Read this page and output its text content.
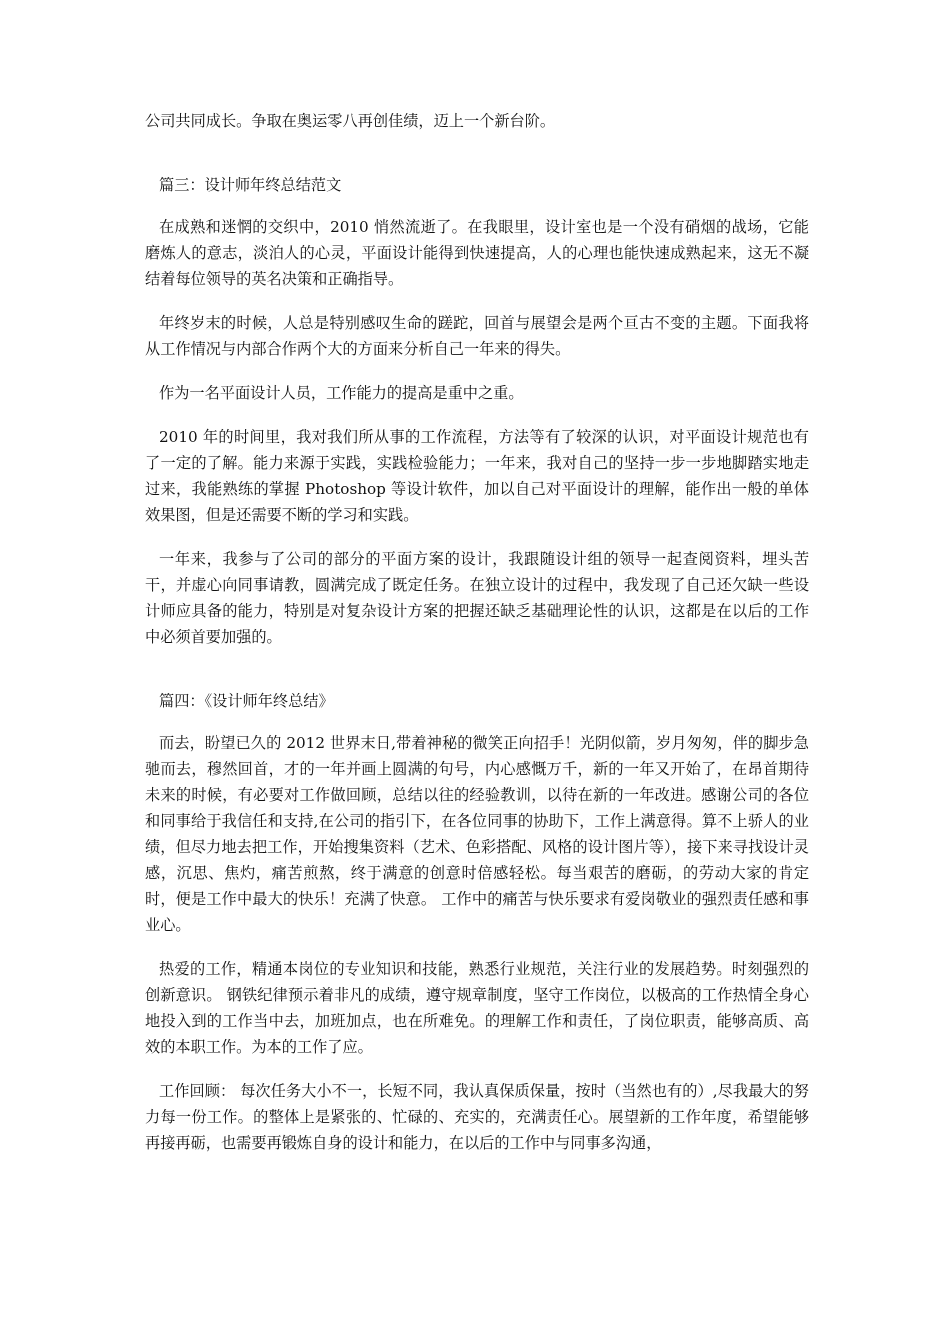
公司共同成长。争取在奥运零八再创佳绩，迈上一个新台阶。

篇三：设计师年终总结范文

在成熟和迷惘的交织中，2010 悄然流逝了。在我眼里，设计室也是一个没有硝烟的战场，它能磨炼人的意志，淡泊人的心灵，平面设计能得到快速提高，人的心理也能快速成熟起来，这无不凝结着每位领导的英名决策和正确指导。

年终岁末的时候，人总是特别感叹生命的蹉跎，回首与展望会是两个亘古不变的主题。下面我将从工作情况与内部合作两个大的方面来分析自己一年来的得失。

作为一名平面设计人员，工作能力的提高是重中之重。

2010 年的时间里，我对我们所从事的工作流程，方法等有了较深的认识，对平面设计规范也有了一定的了解。能力来源于实践，实践检验能力；一年来，我对自己的坚持一步一步地脚踏实地走过来，我能熟练的掌握 Photoshop 等设计软件，加以自己对平面设计的理解，能作出一般的单体效果图，但是还需要不断的学习和实践。

一年来，我参与了公司的部分的平面方案的设计，我跟随设计组的领导一起查阅资料，埋头苦干，并虚心向同事请教，圆满完成了既定任务。在独立设计的过程中，我发现了自己还欠缺一些设计师应具备的能力，特别是对复杂设计方案的把握还缺乏基础理论性的认识，这都是在以后的工作中必须首要加强的。

篇四：《设计师年终总结》

而去，盼望已久的 2012 世界末日,带着神秘的微笑正向招手！光阴似箭，岁月匆匆，伴的脚步急驰而去，穆然回首，才的一年并画上圆满的句号，内心感慨万千，新的一年又开始了，在昂首期待未来的时候，有必要对工作做回顾，总结以往的经验教训，以待在新的一年改进。感谢公司的各位和同事给于我信任和支持,在公司的指引下，在各位同事的协助下，工作上满意得。算不上骄人的业绩，但尽力地去把工作，开始搜集资料（艺术、色彩搭配、风格的设计图片等），接下来寻找设计灵感，沉思、焦灼，痛苦煎熬，终于满意的创意时倍感轻松。每当艰苦的磨砺，的劳动大家的肯定时，便是工作中最大的快乐！充满了快意。 工作中的痛苦与快乐要求有爱岗敬业的强烈责任感和事业心。

热爱的工作，精通本岗位的专业知识和技能，熟悉行业规范，关注行业的发展趋势。时刻强烈的创新意识。 钢铁纪律预示着非凡的成绩，遵守规章制度，坚守工作岗位，以极高的工作热情全身心地投入到的工作当中去，加班加点，也在所难免。的理解工作和责任，了岗位职责，能够高质、高效的本职工作。为本的工作了应。

工作回顾： 每次任务大小不一，长短不同，我认真保质保量，按时（当然也有的）,尽我最大的努力每一份工作。的整体上是紧张的、忙碌的、充实的，充满责任心。展望新的工作年度，希望能够再接再砺，也需要再锻炼自身的设计和能力，在以后的工作中与同事多沟通，
